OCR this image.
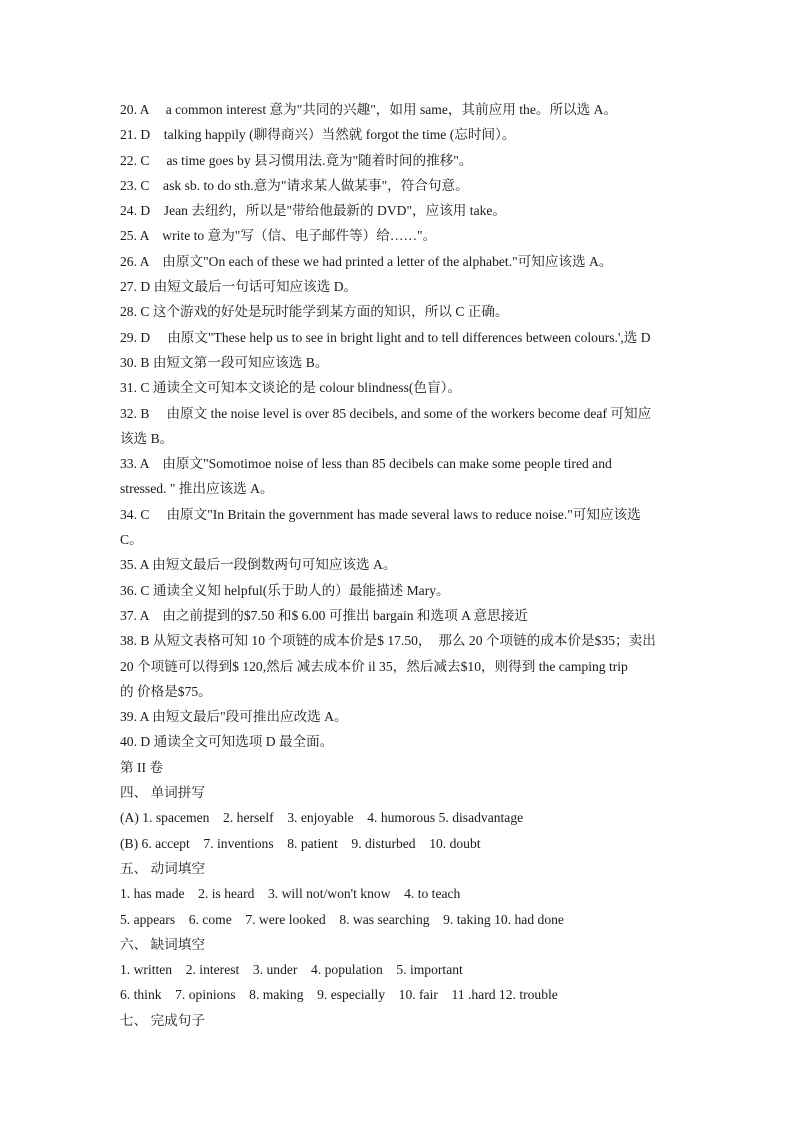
20. A　 a common interest 意为"共同的兴趣"，如用 same，其前应用 the。所以选 A。
21. D　talking happily (聊得商兴）当然就 forgot the time (忘时间）。
22. C　 as time goes by 县习惯用法.竟为"随着时间的推移"。
23. C　ask sb. to do sth.意为"请求某人做某事"，符合句意。
24. D　Jean 去纽约，所以是"带给他最新的 DVD"，应该用 take。
25. A　write to 意为"写（信、电子邮件等）给……"。
26. A　由原文"On each of these we had printed a letter of the alphabet."可知应该选 A。
27. D 由短文最后一句话可知应该选 D。
28. C 这个游戏的好处是玩时能学到某方面的知识，所以 C 正确。
29. D　 由原文"These help us to see in bright light and to tell differences between colours.',选 D
30. B 由短文第一段可知应该选 B。
31. C 通读全文可知本文谈论的是 colour blindness(色盲）。
32. B　 由原文 the noise level is over 85 decibels, and some of the workers become deaf 可知应
该选 B。
33. A　由原文"Somotimoe noise of less than 85 decibels can make some people tired and
stressed. " 推出应该选 A。
34. C　 由原文"In Britain the government has made several laws to reduce noise."可知应该选
C。
35. A 由短文最后一段倒数两句可知应该选 A。
36. C 通读全义知 helpful(乐于助人的）最能描述 Mary。
37. A　由之前提到的$7.50 和$ 6.00 可推出 bargain 和选项 A 意思接近
38. B 从短文表格可知 10 个项链的成本价是$ 17.50，　那么 20 个项链的成本价是$35；卖出
20 个项链可以得到$ 120,然后 减去成本价 il 35，然后减去$10，则得到 the camping trip
的 价格是$75。
39. A 由短文最后"段可推出应改选 A。
40. D 通读全文可知选项 D 最全面。
第 II 卷
四、 单词拼写
(A) 1. spacemen　2. herself　3. enjoyable　4. humorous 5. disadvantage
(B) 6. accept　7. inventions　8. patient　9. disturbed　10. doubt
五、 动词填空
1. has made　2. is heard　3. will not/won't know　4. to teach
5. appears　6. come　7. were looked　8. was searching　9. taking 10. had done
六、 缺词填空
1. written　2. interest　3. under　4. population　5. important
6. think　7. opinions　8. making　9. especially　10. fair　11 .hard 12. trouble
七、 完成句子
